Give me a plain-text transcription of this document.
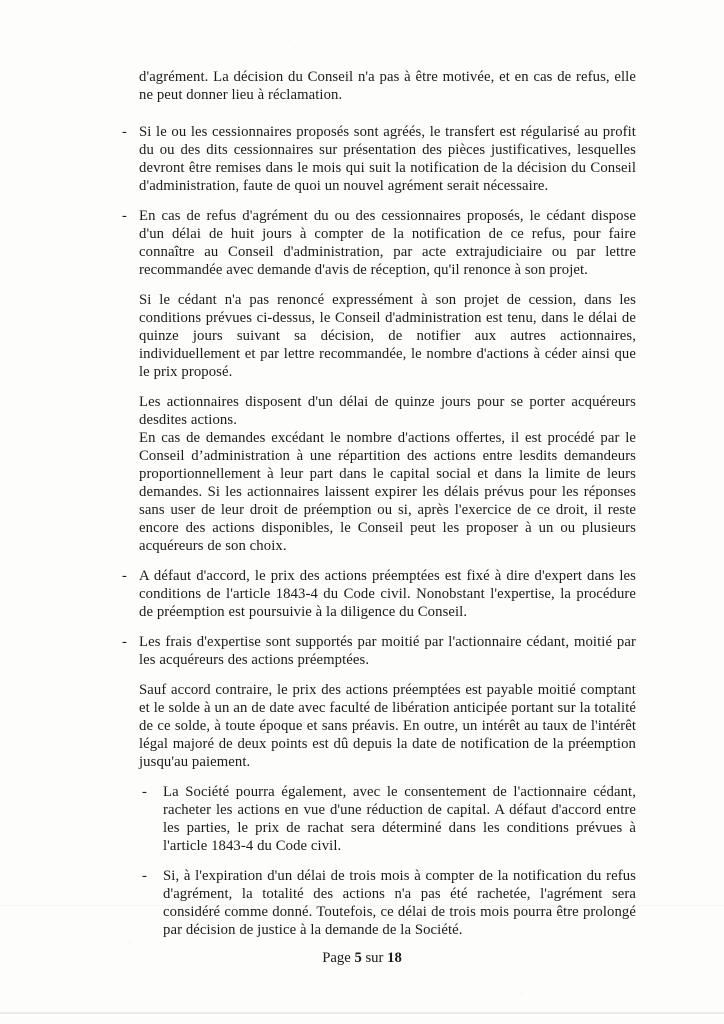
d'agrément. La décision du Conseil n'a pas à être motivée, et en cas de refus, elle ne peut donner lieu à réclamation.

- Si le ou les cessionnaires proposés sont agréés, le transfert est régularisé au profit du ou des dits cessionnaires sur présentation des pièces justificatives, lesquelles devront être remises dans le mois qui suit la notification de la décision du Conseil d'administration, faute de quoi un nouvel agrément serait nécessaire.
- En cas de refus d'agrément du ou des cessionnaires proposés, le cédant dispose d'un délai de huit jours à compter de la notification de ce refus, pour faire connaître au Conseil d'administration, par acte extrajudiciaire ou par lettre recommandée avec demande d'avis de réception, qu'il renonce à son projet.

Si le cédant n'a pas renoncé expressément à son projet de cession, dans les conditions prévues ci-dessus, le Conseil d'administration est tenu, dans le délai de quinze jours suivant sa décision, de notifier aux autres actionnaires, individuellement et par lettre recommandée, le nombre d'actions à céder ainsi que le prix proposé.

Les actionnaires disposent d'un délai de quinze jours pour se porter acquéreurs desdites actions.

En cas de demandes excédant le nombre d'actions offertes, il est procédé par le Conseil d’administration à une répartition des actions entre lesdits demandeurs proportionnellement à leur part dans le capital social et dans la limite de leurs demandes. Si les actionnaires laissent expirer les délais prévus pour les réponses sans user de leur droit de préemption ou si, après l'exercice de ce droit, il reste encore des actions disponibles, le Conseil peut les proposer à un ou plusieurs acquéreurs de son choix.

- A défaut d'accord, le prix des actions préemptées est fixé à dire d'expert dans les conditions de l'article 1843-4 du Code civil. Nonobstant l'expertise, la procédure de préemption est poursuivie à la diligence du Conseil.
- Les frais d'expertise sont supportés par moitié par l'actionnaire cédant, moitié par les acquéreurs des actions préemptées.

Sauf accord contraire, le prix des actions préemptées est payable moitié comptant et le solde à un an de date avec faculté de libération anticipée portant sur la totalité de ce solde, à toute époque et sans préavis. En outre, un intérêt au taux de l'intérêt légal majoré de deux points est dû depuis la date de notification de la préemption jusqu'au paiement.

- La Société pourra également, avec le consentement de l'actionnaire cédant, racheter les actions en vue d'une réduction de capital. A défaut d'accord entre les parties, le prix de rachat sera déterminé dans les conditions prévues à l'article 1843-4 du Code civil.
- Si, à l'expiration d'un délai de trois mois à compter de la notification du refus d'agrément, la totalité des actions n'a pas été rachetée, l'agrément sera considéré comme donné. Toutefois, ce délai de trois mois pourra être prolongé par décision de justice à la demande de la Société.
Page 5 sur 18
